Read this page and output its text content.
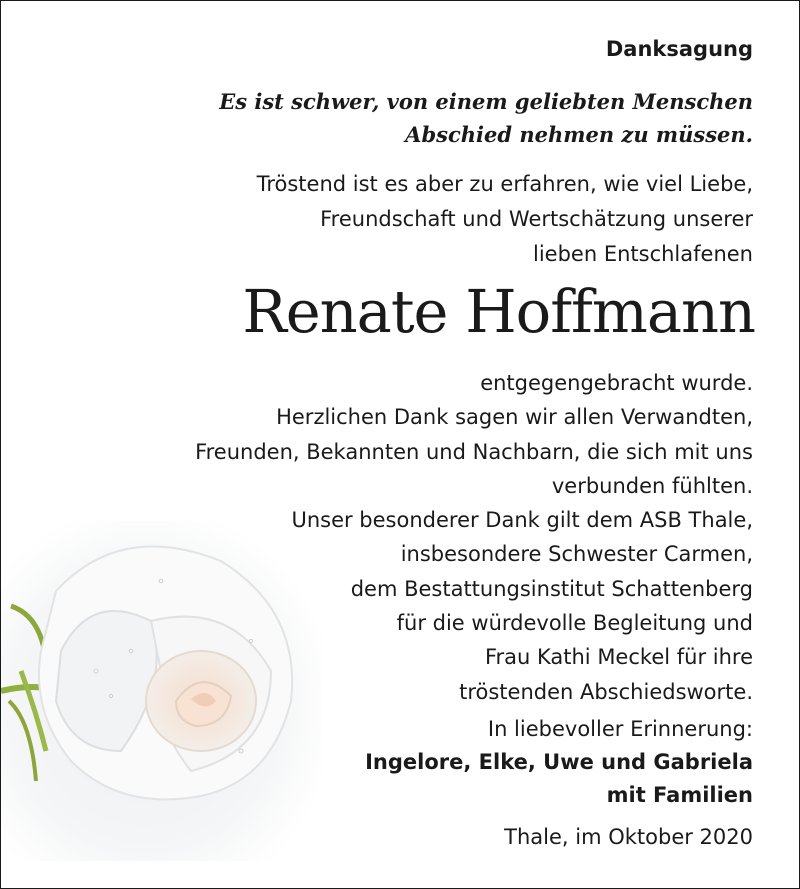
Danksagung
Es ist schwer, von einem geliebten Menschen
Abschied nehmen zu müssen.
Tröstend ist es aber zu erfahren, wie viel Liebe,
Freundschaft und Wertschätzung unserer
lieben Entschlafenen
Renate Hoffmann
entgegengebracht wurde.
Herzlichen Dank sagen wir allen Verwandten,
Freunden, Bekannten und Nachbarn, die sich mit uns
verbunden fühlten.
Unser besonderer Dank gilt dem ASB Thale,
insbesondere Schwester Carmen,
dem Bestattungsinstitut Schattenberg
für die würdevolle Begleitung und
Frau Kathi Meckel für ihre
tröstenden Abschiedsworte.
In liebevoller Erinnerung:
Ingelore, Elke, Uwe und Gabriela
mit Familien
Thale, im Oktober 2020
